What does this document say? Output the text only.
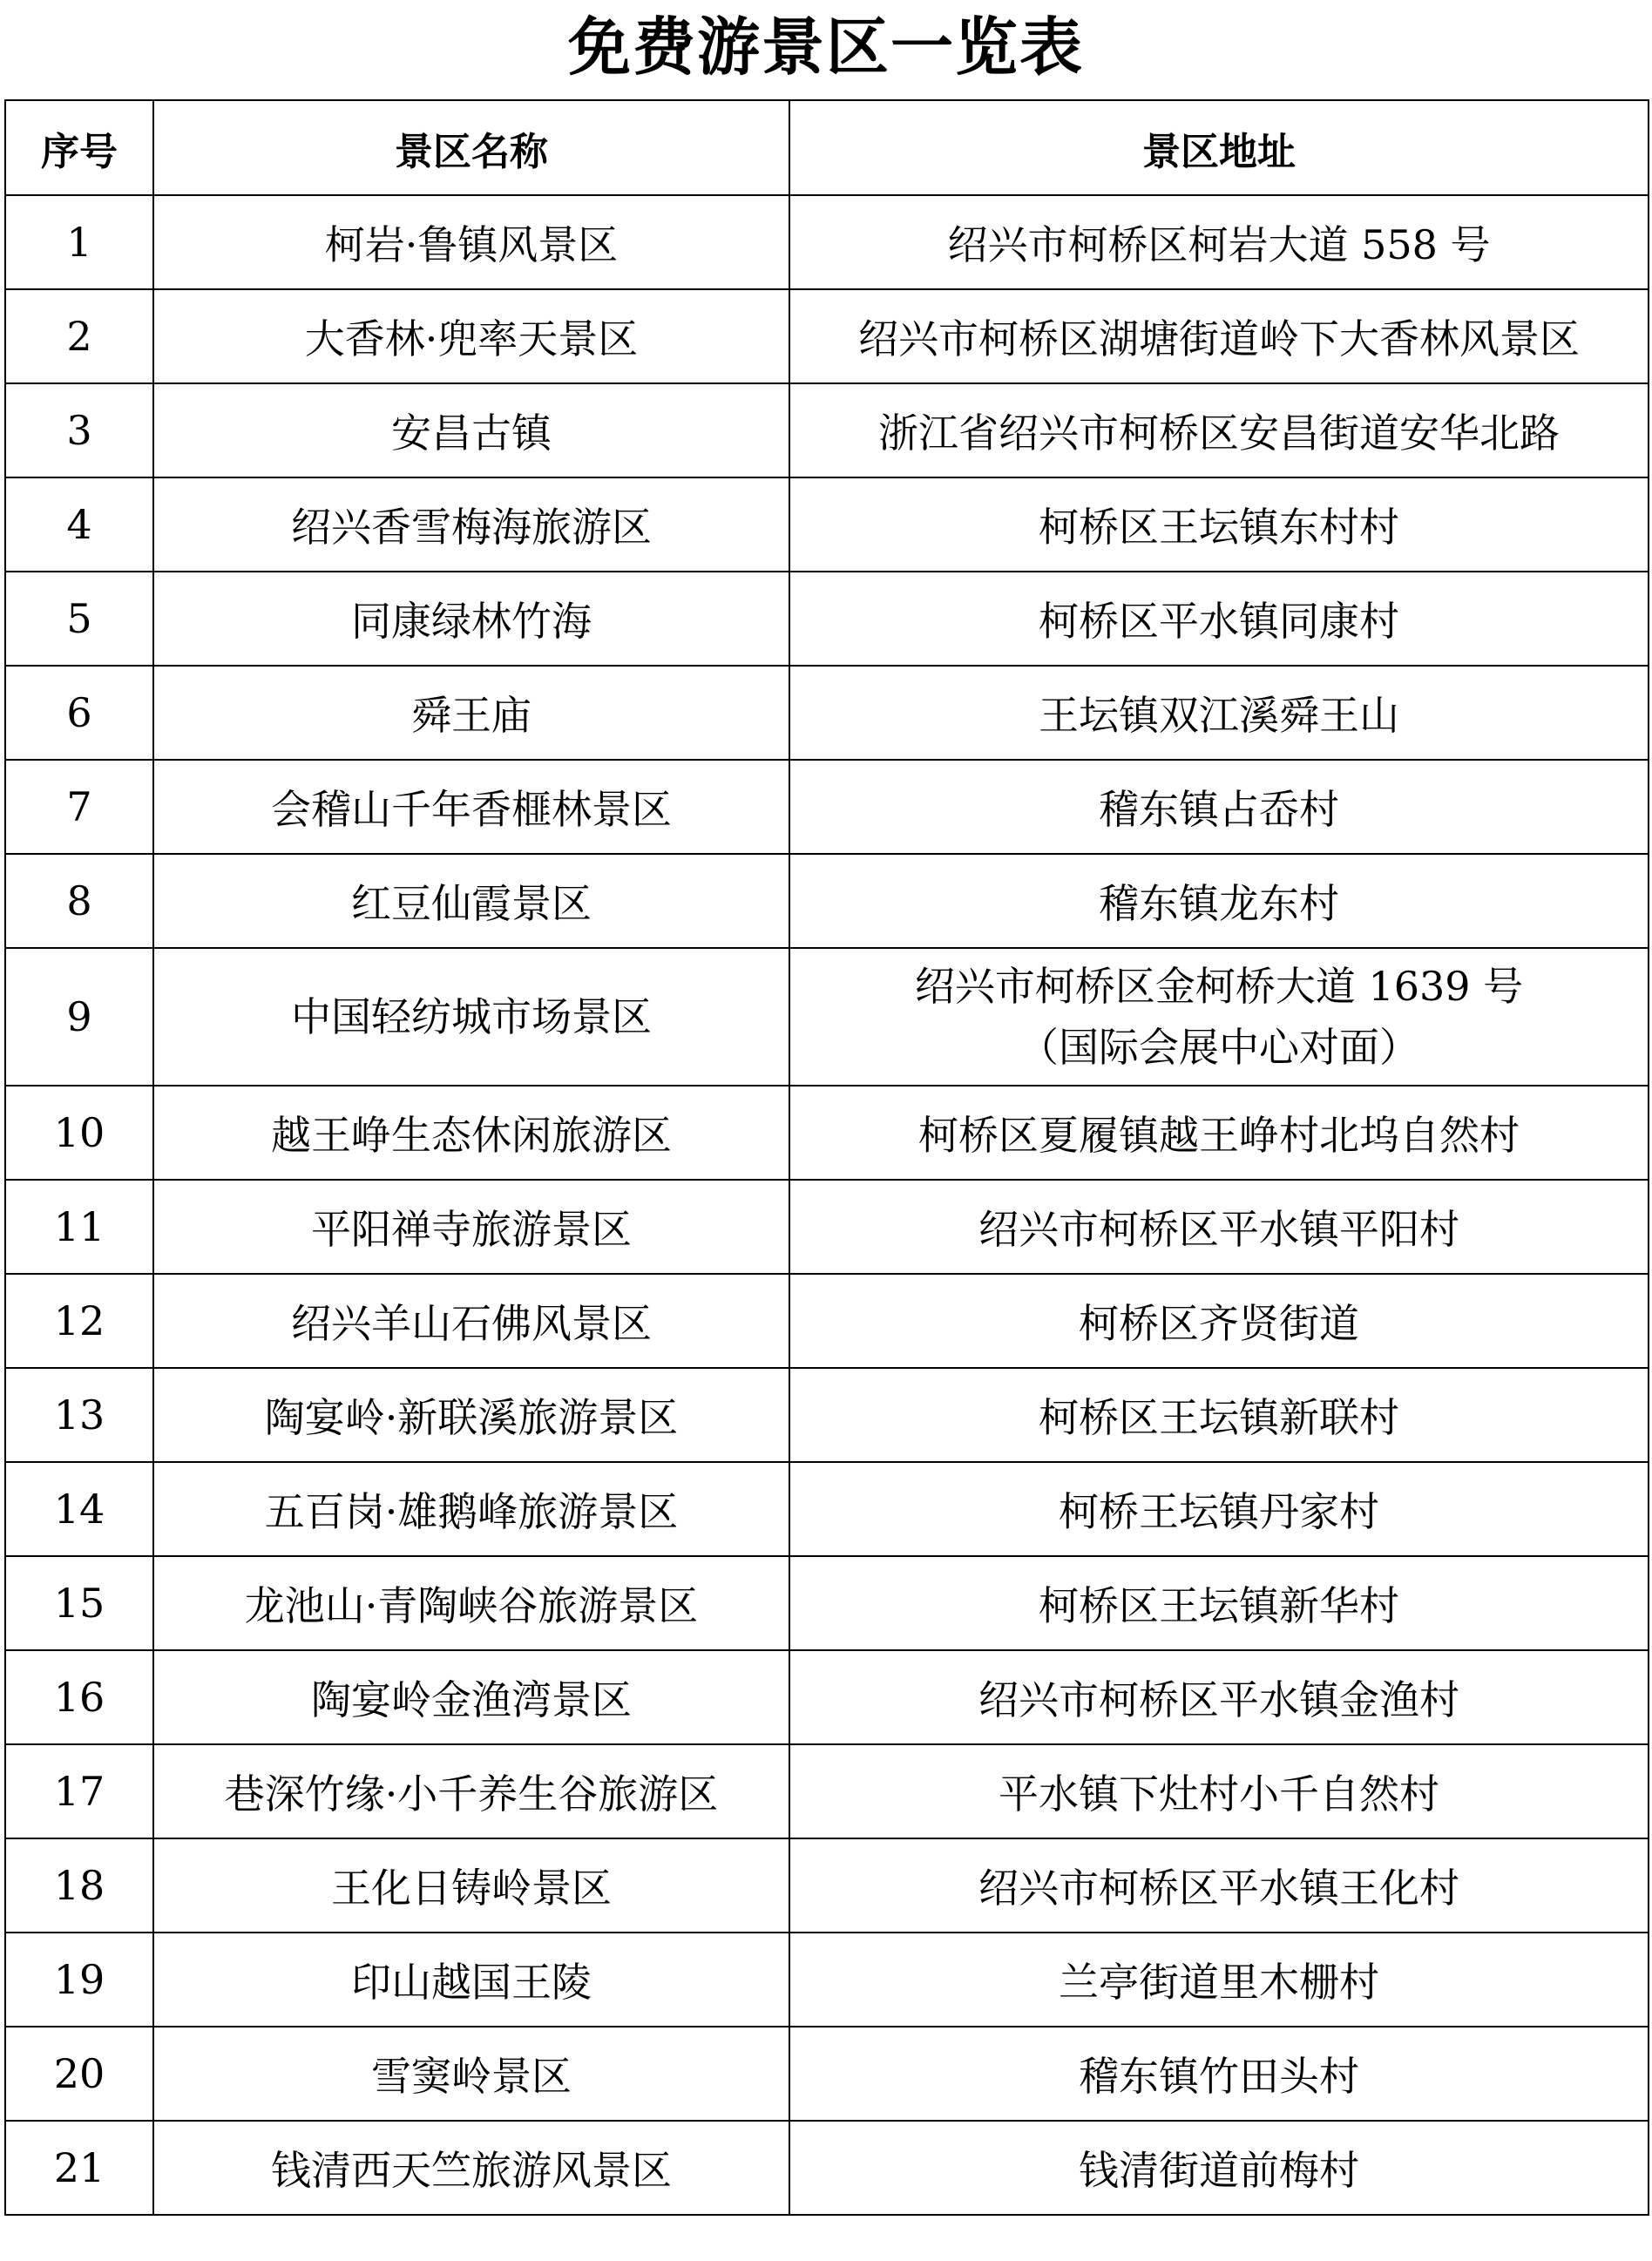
免费游景区一览表
序号	景区名称	景区地址
1	柯岩·鲁镇风景区	绍兴市柯桥区柯岩大道 558 号
2	大香林·兜率天景区	绍兴市柯桥区湖塘街道岭下大香林风景区
3	安昌古镇	浙江省绍兴市柯桥区安昌街道安华北路
4	绍兴香雪梅海旅游区	柯桥区王坛镇东村村
5	同康绿林竹海	柯桥区平水镇同康村
6	舜王庙	王坛镇双江溪舜王山
7	会稽山千年香榧林景区	稽东镇占岙村
8	红豆仙霞景区	稽东镇龙东村
9	中国轻纺城市场景区	绍兴市柯桥区金柯桥大道 1639 号
（国际会展中心对面）

10	越王峥生态休闲旅游区	柯桥区夏履镇越王峥村北坞自然村
11	平阳禅寺旅游景区	绍兴市柯桥区平水镇平阳村
12	绍兴羊山石佛风景区	柯桥区齐贤街道
13	陶宴岭·新联溪旅游景区	柯桥区王坛镇新联村
14	五百岗·雄鹅峰旅游景区	柯桥王坛镇丹家村
15	龙池山·青陶峡谷旅游景区	柯桥区王坛镇新华村
16	陶宴岭金渔湾景区	绍兴市柯桥区平水镇金渔村
17	巷深竹缘·小千养生谷旅游区	平水镇下灶村小千自然村
18	王化日铸岭景区	绍兴市柯桥区平水镇王化村
19	印山越国王陵	兰亭街道里木栅村
20	雪窦岭景区	稽东镇竹田头村
21	钱清西天竺旅游风景区	钱清街道前梅村
